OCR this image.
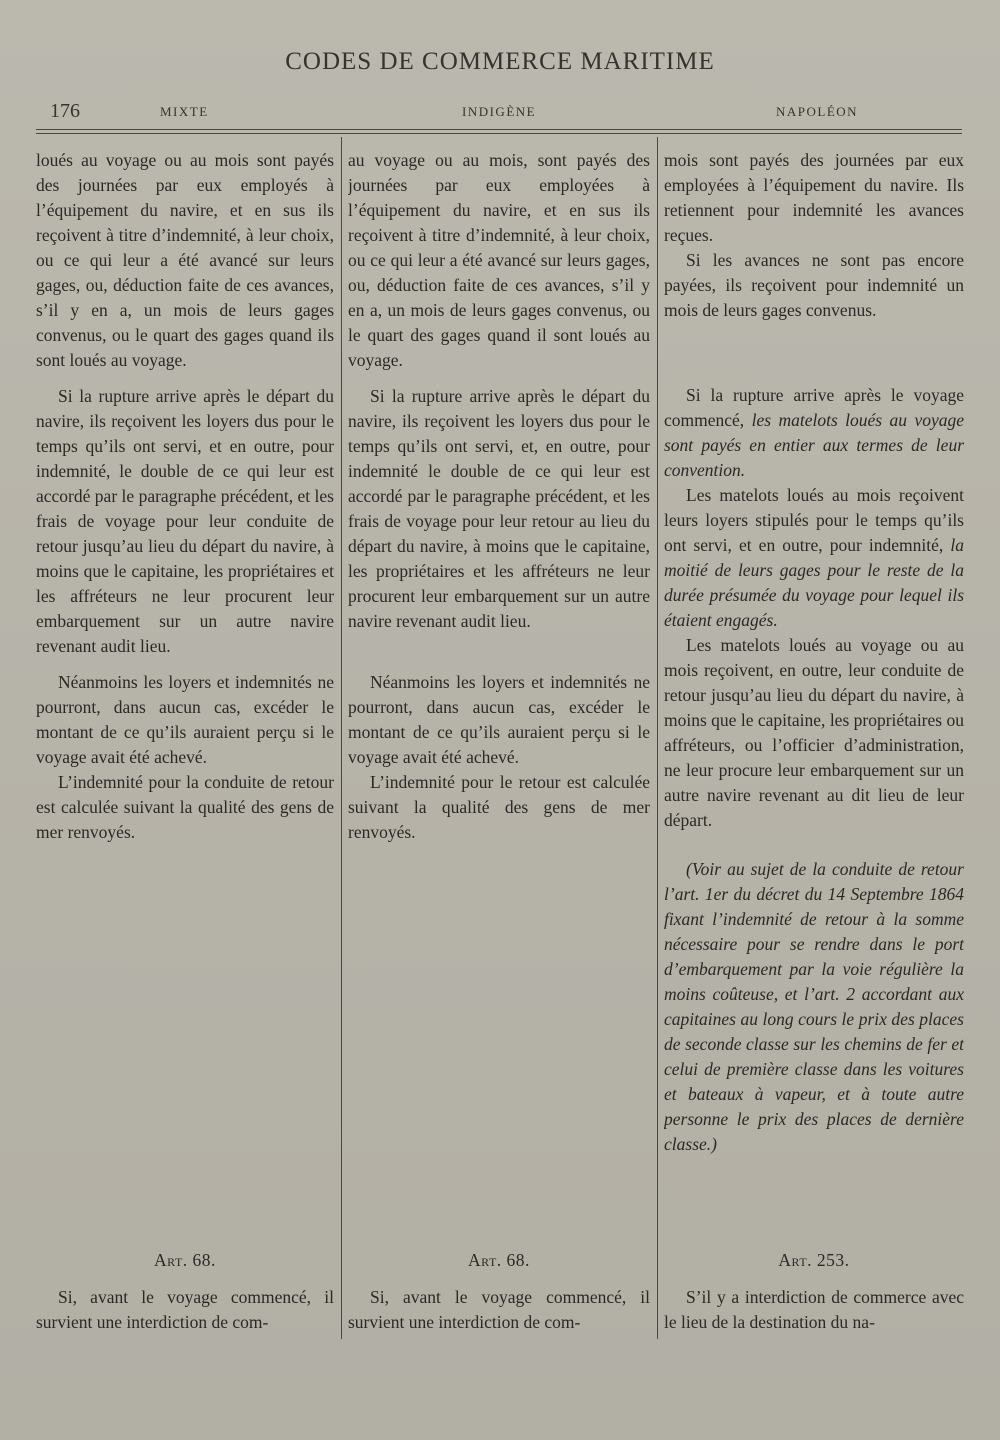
CODES DE COMMERCE MARITIME
176	MIXTE	INDIGÈNE	NAPOLÉON

loués au voyage ou au mois sont payés des journées par eux employés à l’équipement du navire, et en sus ils reçoivent à titre d’indemnité, à leur choix, ou ce qui leur a été avancé sur leurs gages, ou, déduction faite de ces avances, s’il y en a, un mois de leurs gages convenus, ou le quart des gages quand ils sont loués au voyage.

Si la rupture arrive après le départ du navire, ils reçoivent les loyers dus pour le temps qu’ils ont servi, et en outre, pour indemnité, le double de ce qui leur est accordé par le paragraphe précédent, et les frais de voyage pour leur conduite de retour jusqu’au lieu du départ du navire, à moins que le capitaine, les propriétaires et les affréteurs ne leur procurent leur embarquement sur un autre navire revenant audit lieu.

Néanmoins les loyers et indemnités ne pourront, dans aucun cas, excéder le montant de ce qu’ils auraient perçu si le voyage avait été achevé.

L’indemnité pour la conduite de retour est calculée suivant la qualité des gens de mer renvoyés.

Art. 68.

Si, avant le voyage commencé, il survient une interdiction de com-

au voyage ou au mois, sont payés des journées par eux employées à l’équipement du navire, et en sus ils reçoivent à titre d’indemnité, à leur choix, ou ce qui leur a été avancé sur leurs gages, ou, déduction faite de ces avances, s’il y en a, un mois de leurs gages convenus, ou le quart des gages quand il sont loués au voyage.

Si la rupture arrive après le départ du navire, ils reçoivent les loyers dus pour le temps qu’ils ont servi, et, en outre, pour indemnité le double de ce qui leur est accordé par le paragraphe précédent, et les frais de voyage pour leur retour au lieu du départ du navire, à moins que le capitaine, les propriétaires et les affréteurs ne leur procurent leur embarquement sur un autre navire revenant audit lieu.

Néanmoins les loyers et indemnités ne pourront, dans aucun cas, excéder le montant de ce qu’ils auraient perçu si le voyage avait été achevé.

L’indemnité pour le retour est calculée suivant la qualité des gens de mer renvoyés.

Art. 68.

Si, avant le voyage commencé, il survient une interdiction de com-

mois sont payés des journées par eux employées à l’équipement du navire. Ils retiennent pour indemnité les avances reçues.

Si les avances ne sont pas encore payées, ils reçoivent pour indemnité un mois de leurs gages convenus.

Si la rupture arrive après le voyage commencé, les matelots loués au voyage sont payés en entier aux termes de leur convention.

Les matelots loués au mois reçoivent leurs loyers stipulés pour le temps qu’ils ont servi, et en outre, pour indemnité, la moitié de leurs gages pour le reste de la durée présumée du voyage pour lequel ils étaient engagés.

Les matelots loués au voyage ou au mois reçoivent, en outre, leur conduite de retour jusqu’au lieu du départ du navire, à moins que le capitaine, les propriétaires ou affréteurs, ou l’officier d’administration, ne leur procure leur embarquement sur un autre navire revenant au dit lieu de leur départ.

(Voir au sujet de la conduite de retour l’art. 1er du décret du 14 Septembre 1864 fixant l’indemnité de retour à la somme nécessaire pour se rendre dans le port d’embarquement par la voie régulière la moins coûteuse, et l’art. 2 accordant aux capitaines au long cours le prix des places de seconde classe sur les chemins de fer et celui de première classe dans les voitures et bateaux à vapeur, et à toute autre personne le prix des places de dernière classe.)

Art. 253.

S’il y a interdiction de commerce avec le lieu de la destination du na-
